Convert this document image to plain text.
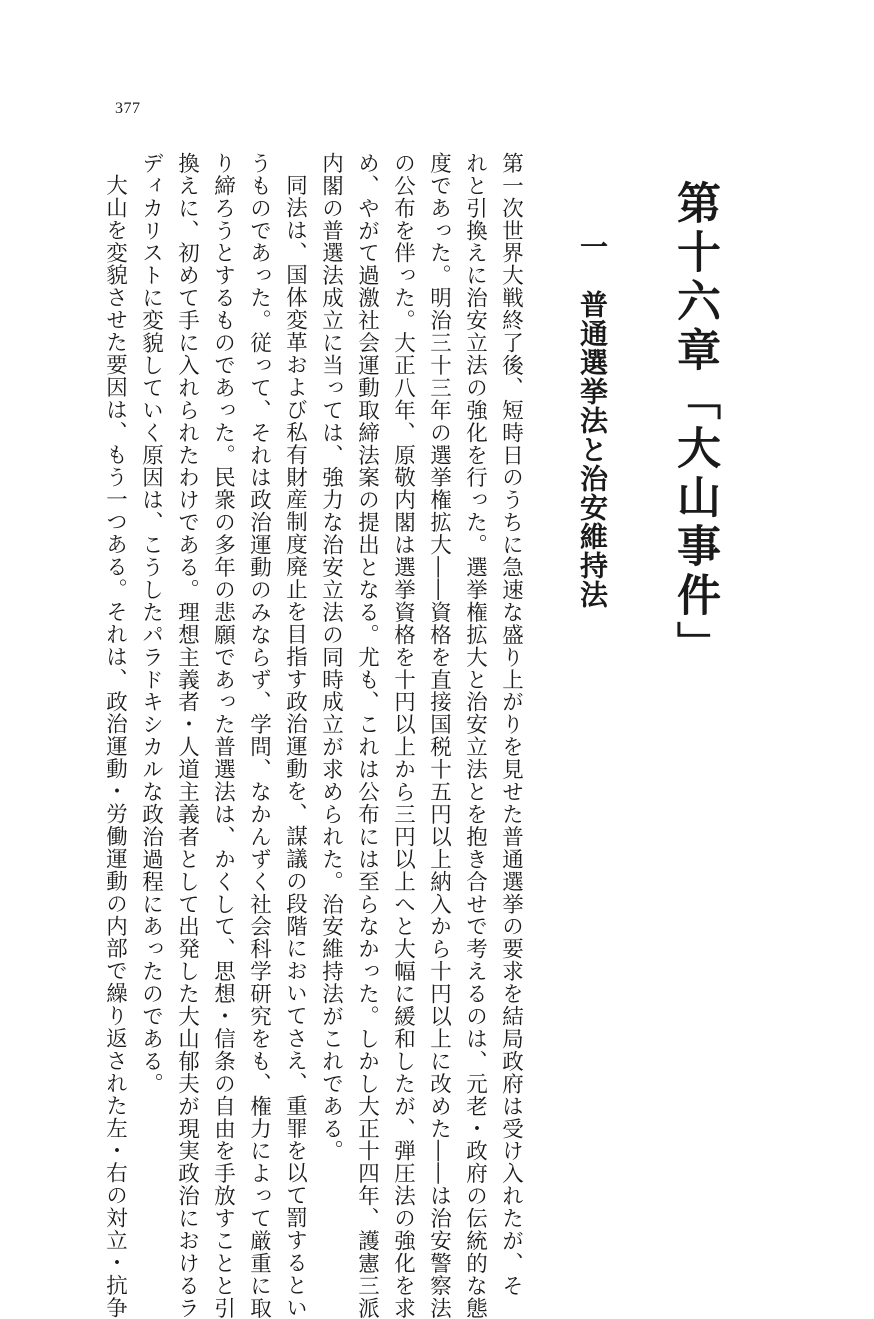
377
第十六章「大山事件」
一　普通選挙法と治安維持法
第一次世界大戦終了後、短時日のうちに急速な盛り上がりを見せた普通選挙の要求を結局政府は受け入れたが、そ
れと引換えに治安立法の強化を行った。選挙権拡大と治安立法とを抱き合せで考えるのは、元老・政府の伝統的な態
度であった。明治三十三年の選挙権拡大――資格を直接国税十五円以上納入から十円以上に改めた――は治安警察法
の公布を伴った。大正八年、原敬内閣は選挙資格を十円以上から三円以上へと大幅に緩和したが、弾圧法の強化を求
め、やがて過激社会運動取締法案の提出となる。尤も、これは公布には至らなかった。しかし大正十四年、護憲三派
内閣の普選法成立に当っては、強力な治安立法の同時成立が求められた。治安維持法がこれである。
同法は、国体変革および私有財産制度廃止を目指す政治運動を、謀議の段階においてさえ、重罪を以て罰するとい
うものであった。従って、それは政治運動のみならず、学問、なかんずく社会科学研究をも、権力によって厳重に取
り締ろうとするものであった。民衆の多年の悲願であった普選法は、かくして、思想・信条の自由を手放すことと引
換えに、初めて手に入れられたわけである。理想主義者・人道主義者として出発した大山郁夫が現実政治におけるラ
ディカリストに変貌していく原因は、こうしたパラドキシカルな政治過程にあったのである。
大山を変貌させた要因は、もう一つある。それは、政治運動・労働運動の内部で繰り返された左・右の対立・抗争
